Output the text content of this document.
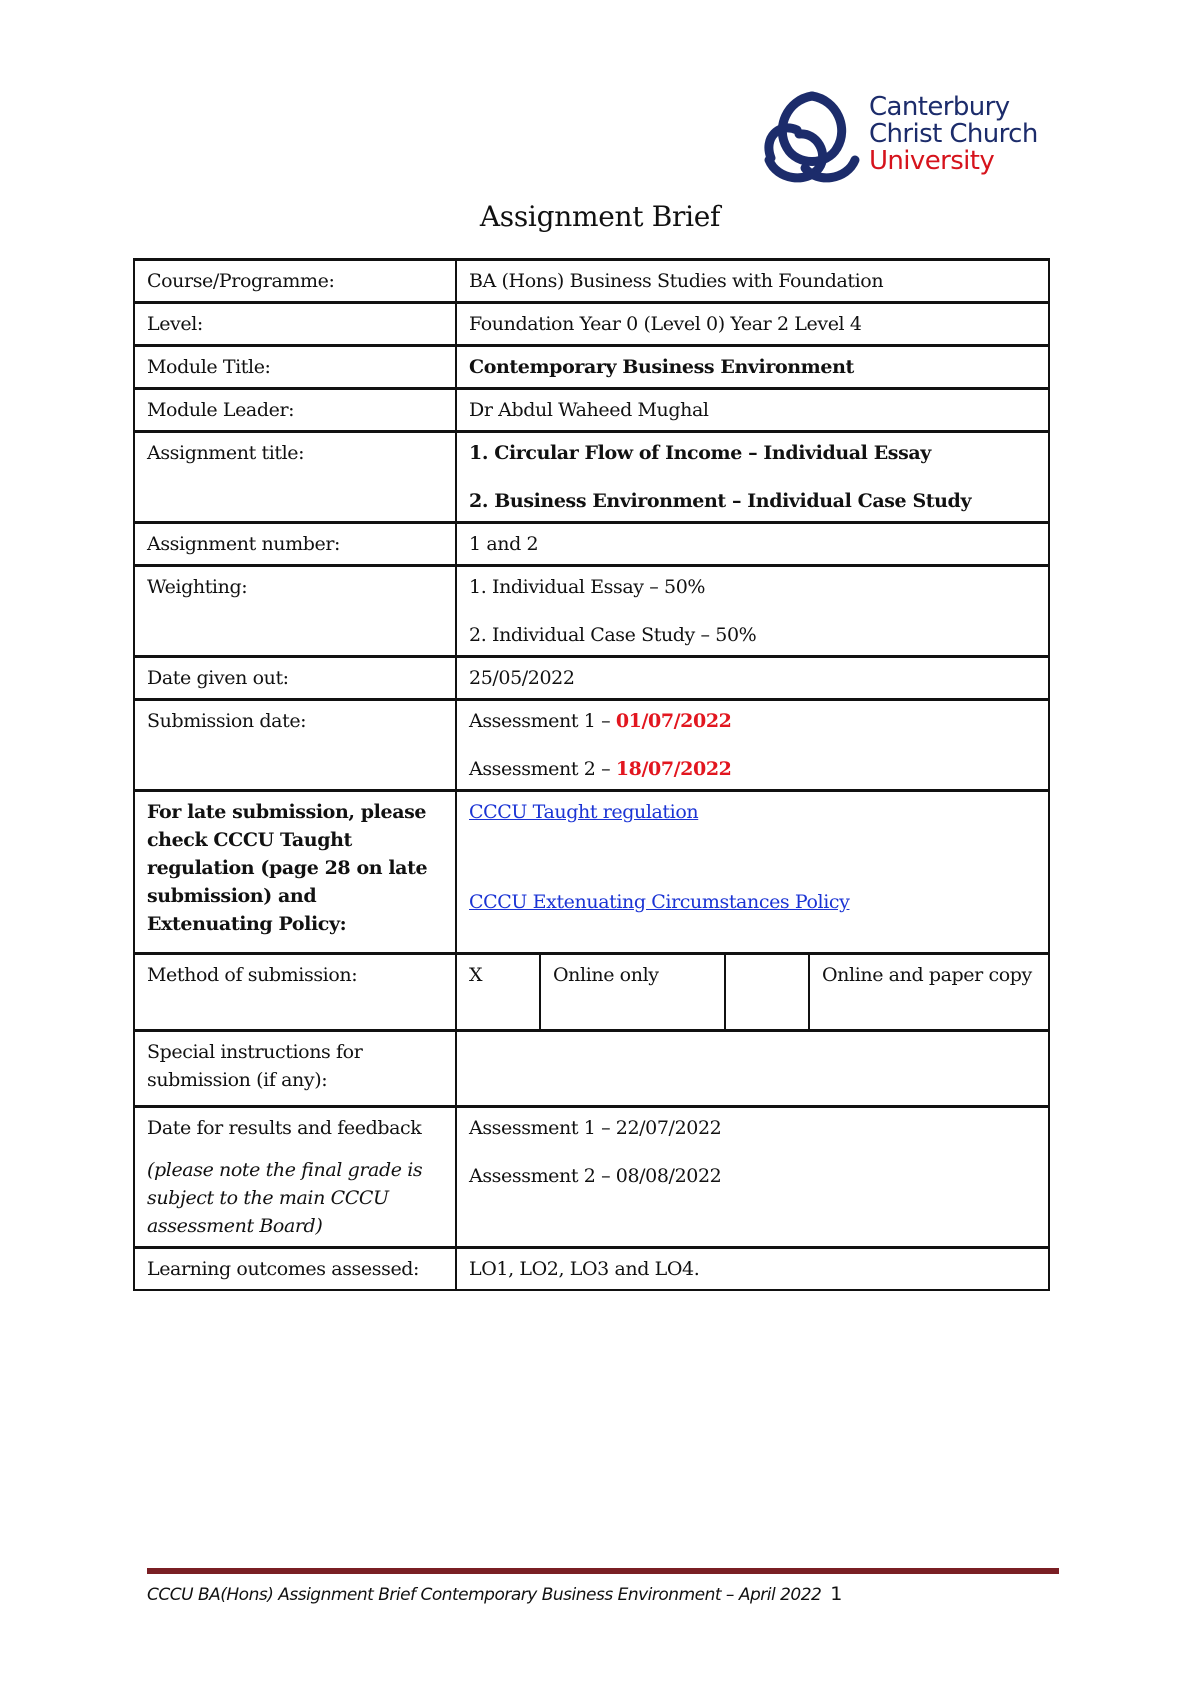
Canterbury
Christ Church
University
Assignment Brief
Course/Programme:	BA (Hons) Business Studies with Foundation
Level:	Foundation Year 0 (Level 0) Year 2 Level 4
Module Title:	Contemporary Business Environment
Module Leader:	Dr Abdul Waheed Mughal
Assignment title:	1. Circular Flow of Income – Individual Essay

2. Business Environment – Individual Case Study

Assignment number:	1 and 2
Weighting:	1. Individual Essay – 50%

2. Individual Case Study – 50%

Date given out:	25/05/2022
Submission date:	Assessment 1 – 01/07/2022

Assessment 2 – 18/07/2022

For late submission, please check CCCU Taught regulation (page 28 on late submission) and Extenuating Policy:	

CCCU Taught regulation

CCCU Extenuating Circumstances Policy

Method of submission:		X	Online only		Online and paper copy

Special instructions for submission (if any):	

Date for results and feedback

(please note the final grade is subject to the main CCCU assessment Board)

Assessment 1 – 22/07/2022

Assessment 2 – 08/08/2022

Learning outcomes assessed:	LO1, LO2, LO3 and LO4.
CCCU BA(Hons) Assignment Brief Contemporary Business Environment – April 2022 1
